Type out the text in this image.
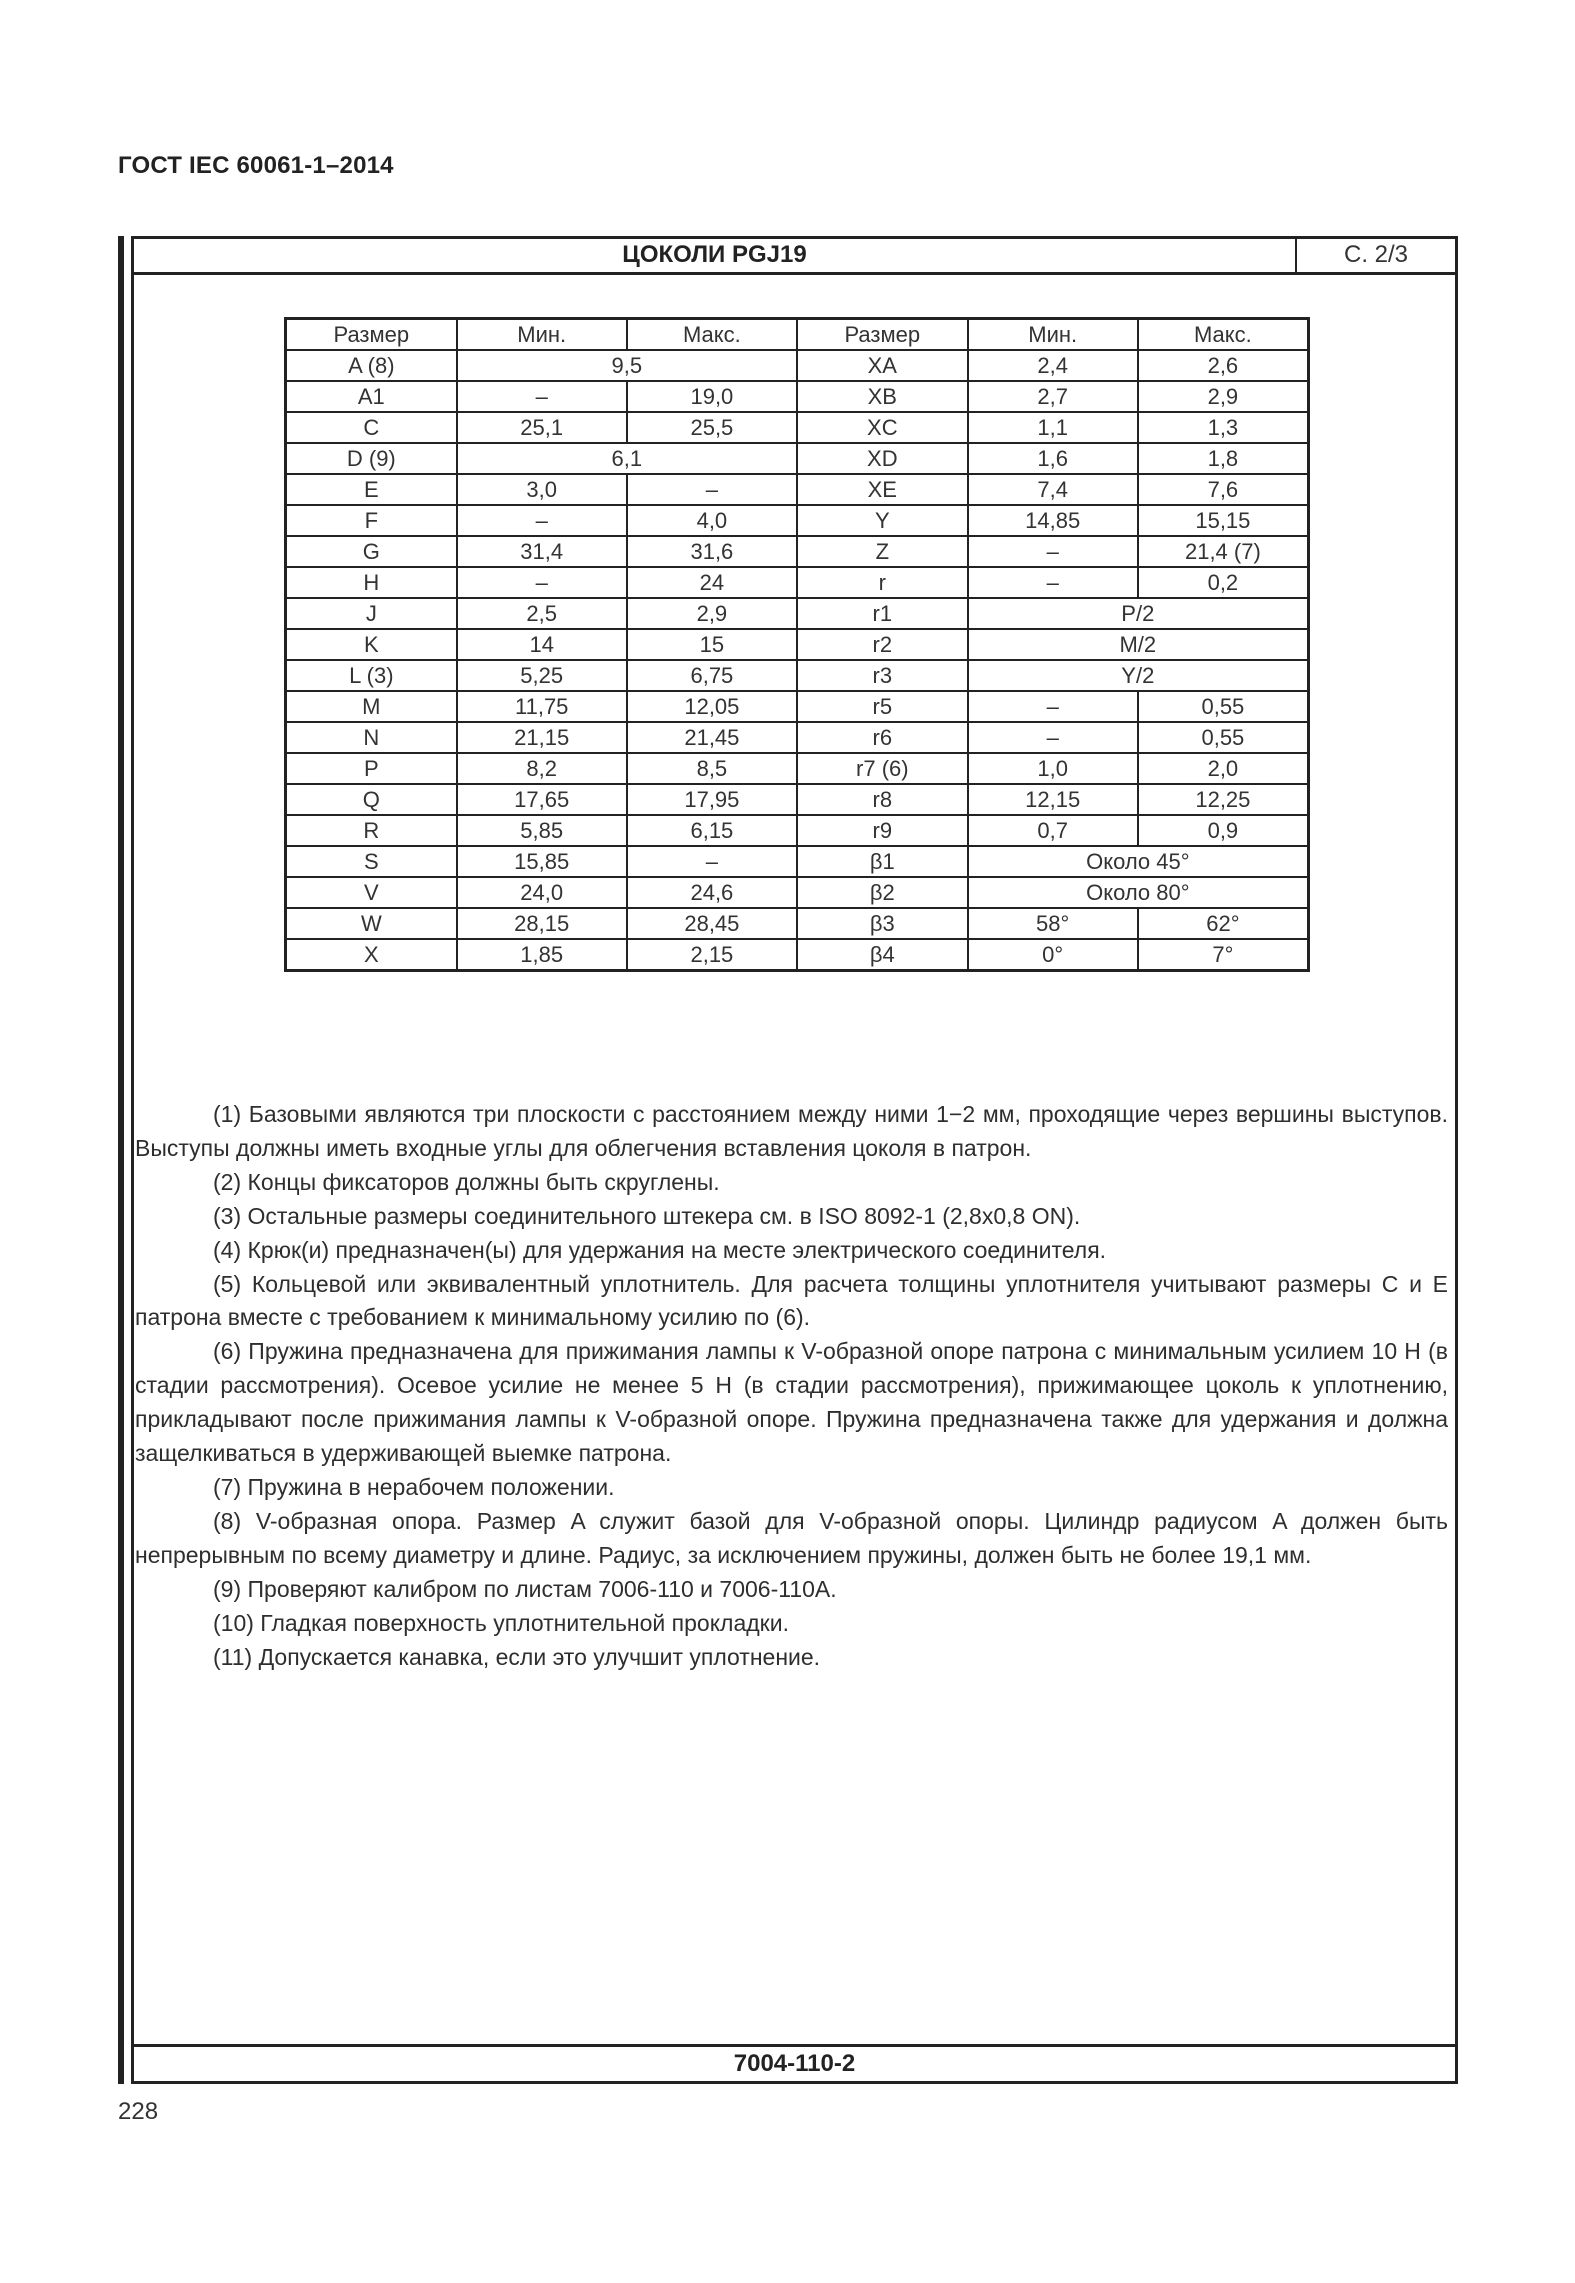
ГОСТ IEC 60061-1–2014
ЦОКОЛИ PGJ19	С. 2/3
7004-110-2
Размер	Мин.	Макс.	Размер	Мин.	Макс.
A (8)	9,5		XA	2,4	2,6
A1	–	19,0	XB	2,7	2,9
C	25,1	25,5	XC	1,1	1,3
D (9)	6,1		XD	1,6	1,8
E	3,0	–	XE	7,4	7,6
F	–	4,0	Y	14,85	15,15
G	31,4	31,6	Z	–	21,4 (7)
H	–	24	r	–	0,2
J	2,5	2,9	r1	P/2	
K	14	15	r2	M/2	
L (3)	5,25	6,75	r3	Y/2	
M	11,75	12,05	r5	–	0,55
N	21,15	21,45	r6	–	0,55
P	8,2	8,5	r7 (6)	1,0	2,0
Q	17,65	17,95	r8	12,15	12,25
R	5,85	6,15	r9	0,7	0,9
S	15,85	–	β1	Около 45°	
V	24,0	24,6	β2	Около 80°	
W	28,15	28,45	β3	58°	62°
X	1,85	2,15	β4	0°	7°

(1) Базовыми являются три плоскости с расстоянием между ними 1−2 мм, проходящие через вершины выступов. Выступы должны иметь входные углы для облегчения вставления цоколя в патрон.

(2) Концы фиксаторов должны быть скруглены.

(3) Остальные размеры соединительного штекера см. в ISO 8092-1 (2,8x0,8 ON).

(4) Крюк(и) предназначен(ы) для удержания на месте электрического соединителя.

(5) Кольцевой или эквивалентный уплотнитель. Для расчета толщины уплотнителя учитывают размеры C и E патрона вместе с требованием к минимальному усилию по (6).

(6) Пружина предназначена для прижимания лампы к V-образной опоре патрона с минимальным усилием 10 Н (в стадии рассмотрения). Осевое усилие не менее 5 Н (в стадии рассмотрения), прижимающее цоколь к уплотнению, прикладывают после прижимания лампы к V-образной опоре. Пружина предназначена также для удержания и должна защелкиваться в удерживающей выемке патрона.

(7) Пружина в нерабочем положении.

(8) V-образная опора. Размер A служит базой для V-образной опоры. Цилиндр радиусом A должен быть непрерывным по всему диаметру и длине. Радиус, за исключением пружины, должен быть не более 19,1 мм.

(9) Проверяют калибром по листам 7006-110 и 7006-110A.

(10) Гладкая поверхность уплотнительной прокладки.

(11) Допускается канавка, если это улучшит уплотнение.

228
